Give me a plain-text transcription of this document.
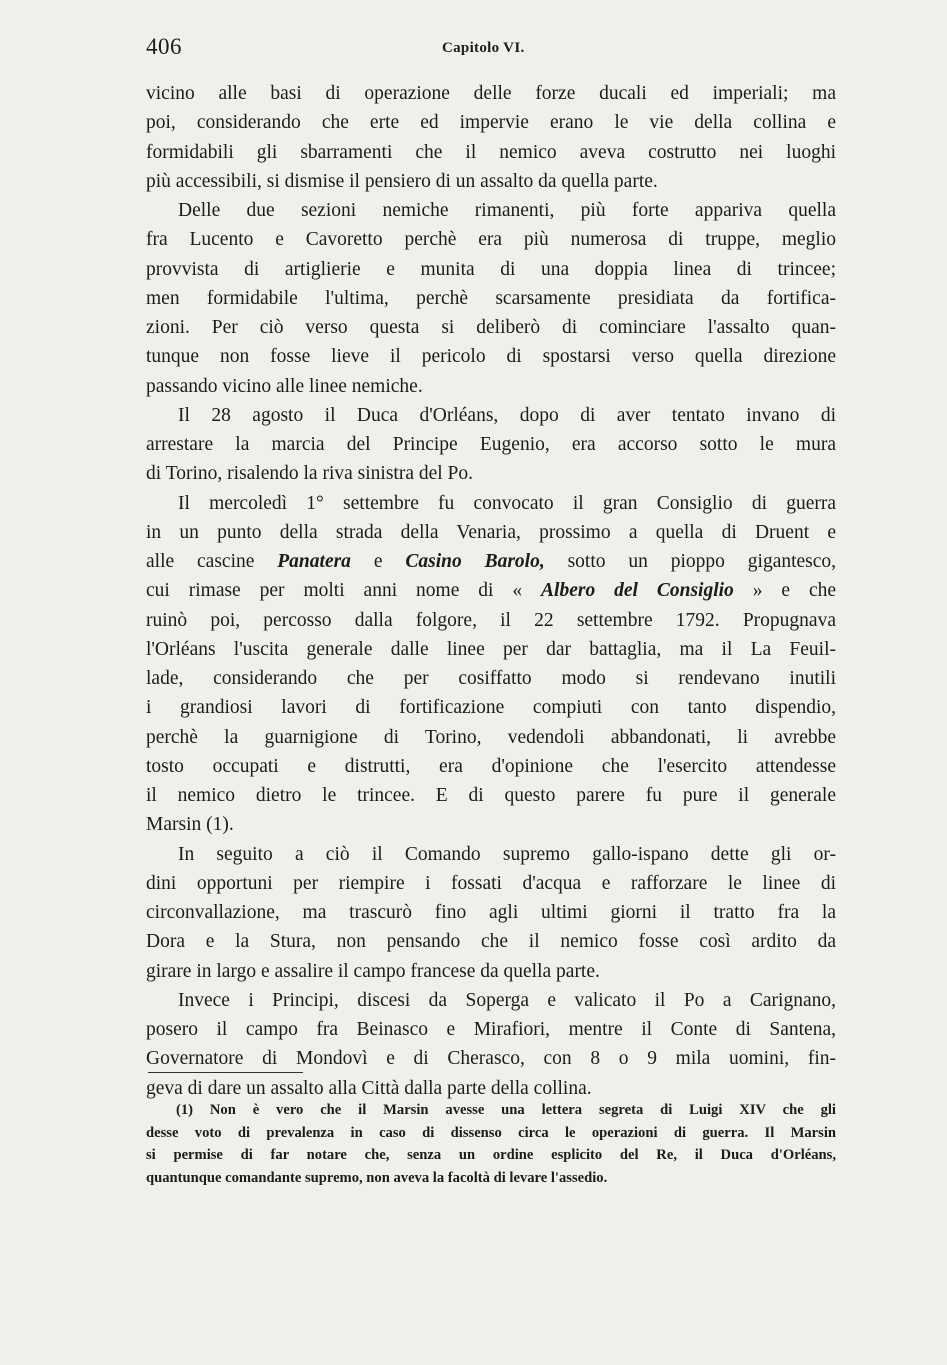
406	Capitolo VI.
vicino alle basi di operazione delle forze ducali ed imperiali; ma
poi, considerando che erte ed impervie erano le vie della collina e
formidabili gli sbarramenti che il nemico aveva costrutto nei luoghi
più accessibili, si dismise il pensiero di un assalto da quella parte.
Delle due sezioni nemiche rimanenti, più forte appariva quella
fra Lucento e Cavoretto perchè era più numerosa di truppe, meglio
provvista di artiglierie e munita di una doppia linea di trincee;
men formidabile l'ultima, perchè scarsamente presidiata da fortifica-
zioni. Per ciò verso questa si deliberò di cominciare l'assalto quan-
tunque non fosse lieve il pericolo di spostarsi verso quella direzione
passando vicino alle linee nemiche.
Il 28 agosto il Duca d'Orléans, dopo di aver tentato invano di
arrestare la marcia del Principe Eugenio, era accorso sotto le mura
di Torino, risalendo la riva sinistra del Po.
Il mercoledì 1° settembre fu convocato il gran Consiglio di guerra
in un punto della strada della Venaria, prossimo a quella di Druent e
alle cascine Panatera e Casino Barolo, sotto un pioppo gigantesco,
cui rimase per molti anni nome di « Albero del Consiglio » e che
ruinò poi, percosso dalla folgore, il 22 settembre 1792. Propugnava
l'Orléans l'uscita generale dalle linee per dar battaglia, ma il La Feuil-
lade, considerando che per cosiffatto modo si rendevano inutili
i grandiosi lavori di fortificazione compiuti con tanto dispendio,
perchè la guarnigione di Torino, vedendoli abbandonati, li avrebbe
tosto occupati e distrutti, era d'opinione che l'esercito attendesse
il nemico dietro le trincee. E di questo parere fu pure il generale
Marsin (1).
In seguito a ciò il Comando supremo gallo-ispano dette gli or-
dini opportuni per riempire i fossati d'acqua e rafforzare le linee di
circonvallazione, ma trascurò fino agli ultimi giorni il tratto fra la
Dora e la Stura, non pensando che il nemico fosse così ardito da
girare in largo e assalire il campo francese da quella parte.
Invece i Principi, discesi da Soperga e valicato il Po a Carignano,
posero il campo fra Beinasco e Mirafiori, mentre il Conte di Santena,
Governatore di Mondovì e di Cherasco, con 8 o 9 mila uomini, fin-
geva di dare un assalto alla Città dalla parte della collina.
(1) Non è vero che il Marsin avesse una lettera segreta di Luigi XIV che gli
desse voto di prevalenza in caso di dissenso circa le operazioni di guerra. Il Marsin
si permise di far notare che, senza un ordine esplicito del Re, il Duca d'Orléans,
quantunque comandante supremo, non aveva la facoltà di levare l'assedio.
